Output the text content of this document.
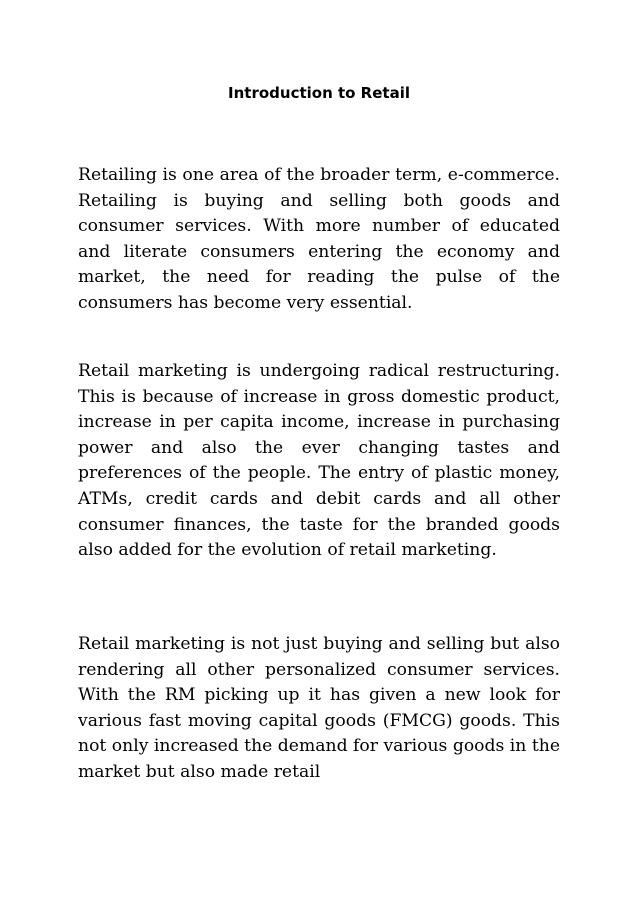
Introduction to Retail

Retailing is one area of the broader term, e-commerce. Retailing is buying and selling both goods and consumer services. With more number of educated and literate consumers entering the economy and market, the need for reading the pulse of the consumers has become very essential.

Retail marketing is undergoing radical restructuring. This is because of increase in gross domestic product, increase in per capita income, increase in purchasing power and also the ever changing tastes and preferences of the people. The entry of plastic money, ATMs, credit cards and debit cards and all other consumer finances, the taste for the branded goods also added for the evolution of retail marketing.

Retail marketing is not just buying and selling but also rendering all other personalized consumer services. With the RM picking up it has given a new look for various fast moving capital goods (FMCG) goods. This not only increased the demand for various goods in the market but also made retail
